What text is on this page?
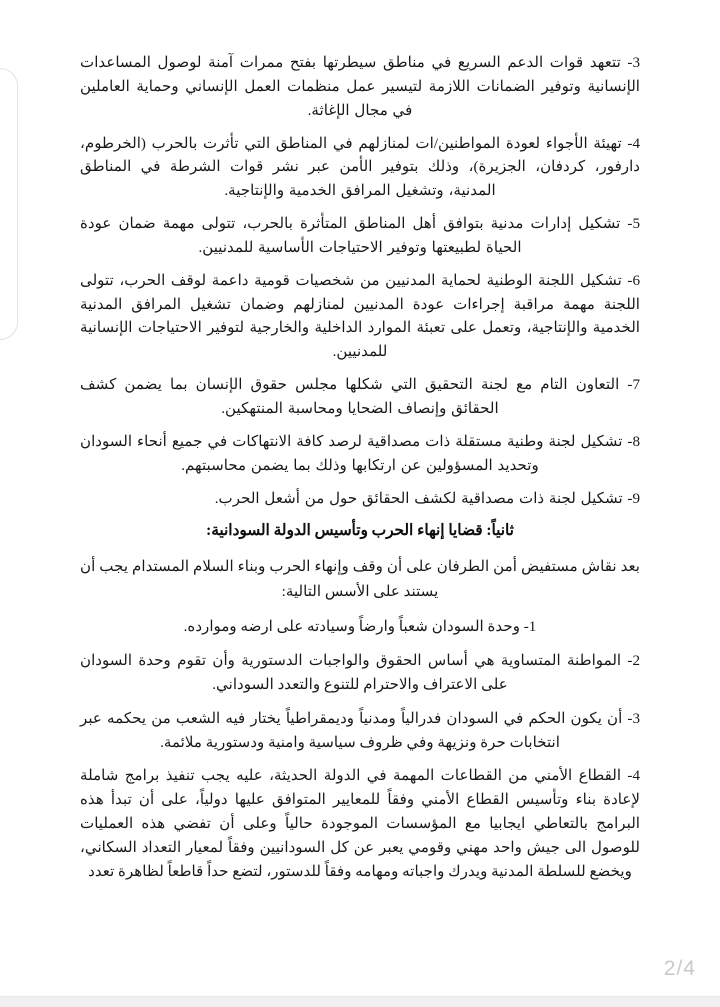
3- تتعهد قوات الدعم السريع في مناطق سيطرتها بفتح ممرات آمنة لوصول المساعدات الإنسانية وتوفير الضمانات اللازمة لتيسير عمل منظمات العمل الإنساني وحماية العاملين في مجال الإغاثة.

4- تهيئة الأجواء لعودة المواطنين/ات لمنازلهم في المناطق التي تأثرت بالحرب (الخرطوم، دارفور، كردفان، الجزيرة)، وذلك بتوفير الأمن عبر نشر قوات الشرطة في المناطق المدنية، وتشغيل المرافق الخدمية والإنتاجية.

5- تشكيل إدارات مدنية بتوافق أهل المناطق المتأثرة بالحرب، تتولى مهمة ضمان عودة الحياة لطبيعتها وتوفير الاحتياجات الأساسية للمدنيين.

6- تشكيل اللجنة الوطنية لحماية المدنيين من شخصيات قومية داعمة لوقف الحرب، تتولى اللجنة مهمة مراقبة إجراءات عودة المدنيين لمنازلهم وضمان تشغيل المرافق المدنية الخدمية والإنتاجية، وتعمل على تعبئة الموارد الداخلية والخارجية لتوفير الاحتياجات الإنسانية للمدنيين.

7- التعاون التام مع لجنة التحقيق التي شكلها مجلس حقوق الإنسان بما يضمن كشف الحقائق وإنصاف الضحايا ومحاسبة المنتهكين.

8- تشكيل لجنة وطنية مستقلة ذات مصداقية لرصد كافة الانتهاكات في جميع أنحاء السودان وتحديد المسؤولين عن ارتكابها وذلك بما يضمن محاسبتهم.

9- تشكيل لجنة ذات مصداقية لكشف الحقائق حول من أشعل الحرب.

ثانياً: قضايا إنهاء الحرب وتأسيس الدولة السودانية:

بعد نقاش مستفيض أمن الطرفان على أن وقف وإنهاء الحرب وبناء السلام المستدام يجب أن يستند على الأسس التالية:

1- وحدة السودان شعباً وارضاً وسيادته على ارضه وموارده.

2- المواطنة المتساوية هي أساس الحقوق والواجبات الدستورية وأن تقوم وحدة السودان على الاعتراف والاحترام للتنوع والتعدد السوداني.

3- أن يكون الحكم في السودان فدرالياً ومدنياً وديمقراطياً يختار فيه الشعب من يحكمه عبر انتخابات حرة ونزيهة وفي ظروف سياسية وامنية ودستورية ملائمة.

4- القطاع الأمني من القطاعات المهمة في الدولة الحديثة، عليه يجب تنفيذ برامج شاملة لإعادة بناء وتأسيس القطاع الأمني وفقاً للمعايير المتوافق عليها دولياً، على أن تبدأ هذه البرامج بالتعاطي ايجابيا مع المؤسسات الموجودة حالياً وعلى أن تفضي هذه العمليات للوصول الى جيش واحد مهني وقومي يعبر عن كل السودانيين وفقاً لمعيار التعداد السكاني، ويخضع للسلطة المدنية ويدرك واجباته ومهامه وفقاً للدستور، لتضع حداً قاطعاً لظاهرة تعدد

2/4
